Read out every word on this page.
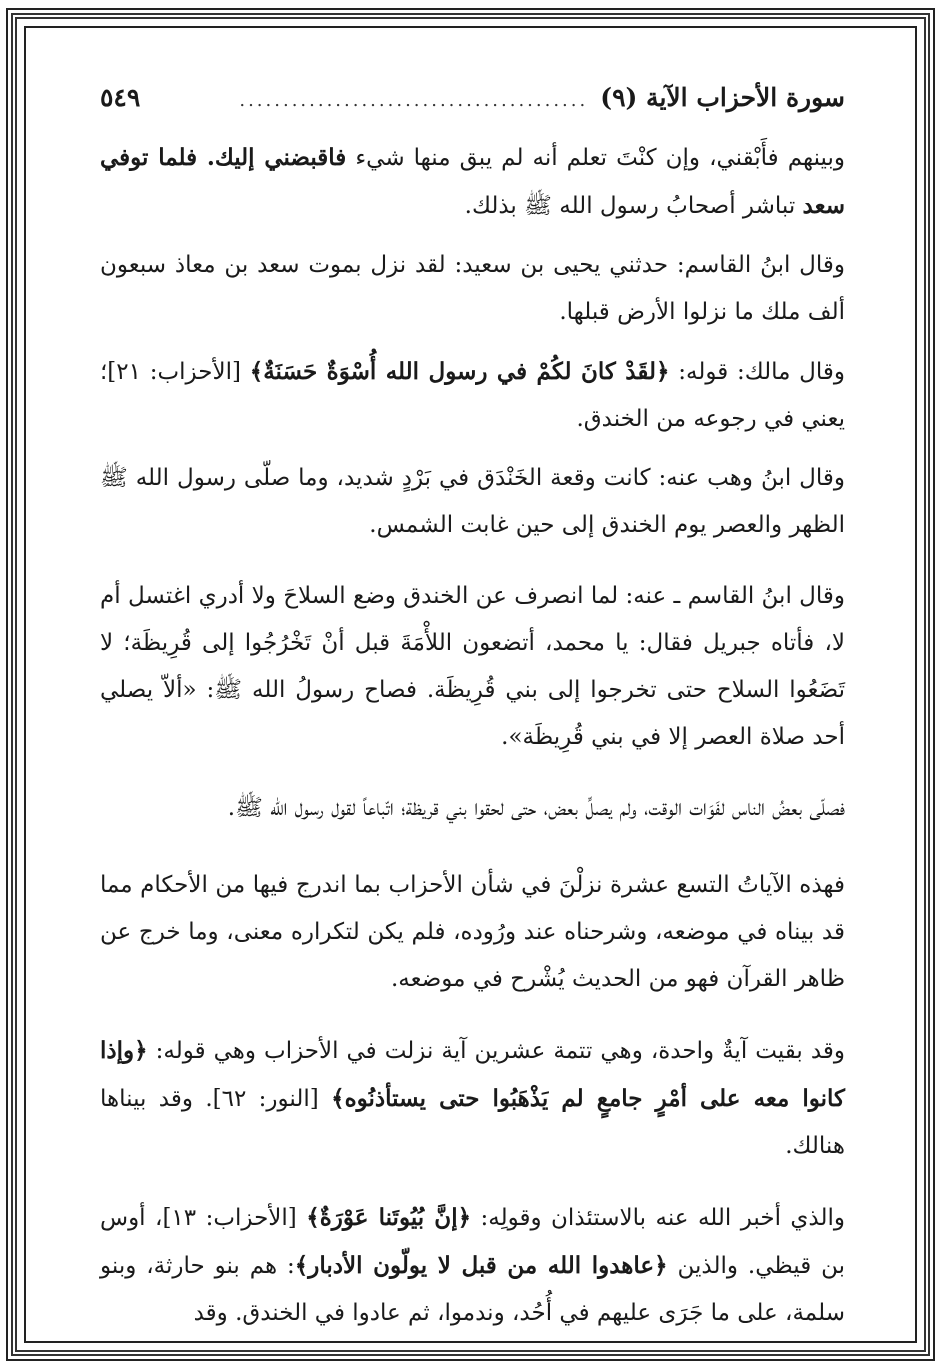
سورة الأحزاب الآية (٩)
........................................
٥٤٩

وبينهم فأَبْقني، وإن كنْتَ تعلم أنه لم يبق منها شيء فاقبضني إليك. فلما توفي سعد تباشر أصحابُ رسول الله ﷺ بذلك.

وقال ابنُ القاسم: حدثني يحيى بن سعيد: لقد نزل بموت سعد بن معاذ سبعون ألف ملك ما نزلوا الأرض قبلها.

وقال مالك: قوله: ﴿لقَدْ كانَ لكُمْ في رسول الله أُسْوَةٌ حَسَنَةٌ﴾ [الأحزاب: ٢١]؛ يعني في رجوعه من الخندق.

وقال ابنُ وهب عنه: كانت وقعة الخَنْدَق في بَرْدٍ شديد، وما صلّى رسول الله ﷺ الظهر والعصر يوم الخندق إلى حين غابت الشمس.

وقال ابنُ القاسم ـ عنه: لما انصرف عن الخندق وضع السلاحَ ولا أدري اغتسل أم لا، فأتاه جبريل فقال: يا محمد، أتضعون اللأْمَةَ قبل أنْ تَخْرُجُوا إلى قُرِيظَة؛ لا تَضَعُوا السلاح حتى تخرجوا إلى بني قُرِيظَة. فصاح رسولُ الله ﷺ: «ألاّ يصلي أحد صلاة العصر إلا في بني قُرِيظَة».

فصلّى بعضُ الناس لفَوَات الوقت، ولم يصلِّ بعض، حتى لحقوا بني قريظة؛ اتّباعاً لقول رسول الله ﷺ.

فهذه الآياتُ التسع عشرة نزلْنَ في شأن الأحزاب بما اندرج فيها من الأحكام مما قد بيناه في موضعه، وشرحناه عند ورُوده، فلم يكن لتكراره معنى، وما خرج عن ظاهر القرآن فهو من الحديث يُشْرح في موضعه.

وقد بقيت آيةٌ واحدة، وهي تتمة عشرين آية نزلت في الأحزاب وهي قوله: ﴿وإذا كانوا معه على أمْرٍ جامعٍ لم يَذْهَبُوا حتى يستأذنُوه﴾ [النور: ٦٢]. وقد بيناها هنالك.

والذي أخبر الله عنه بالاستئذان وقولِه: ﴿إنَّ بُيُوتَنا عَوْرَةٌ﴾ [الأحزاب: ١٣]، أوس بن قيظي. والذين ﴿عاهدوا الله من قبل لا يولّون الأدبار﴾: هم بنو حارثة، وبنو سلمة، على ما جَرَى عليهم في أُحُد، وندموا، ثم عادوا في الخندق. وقد
